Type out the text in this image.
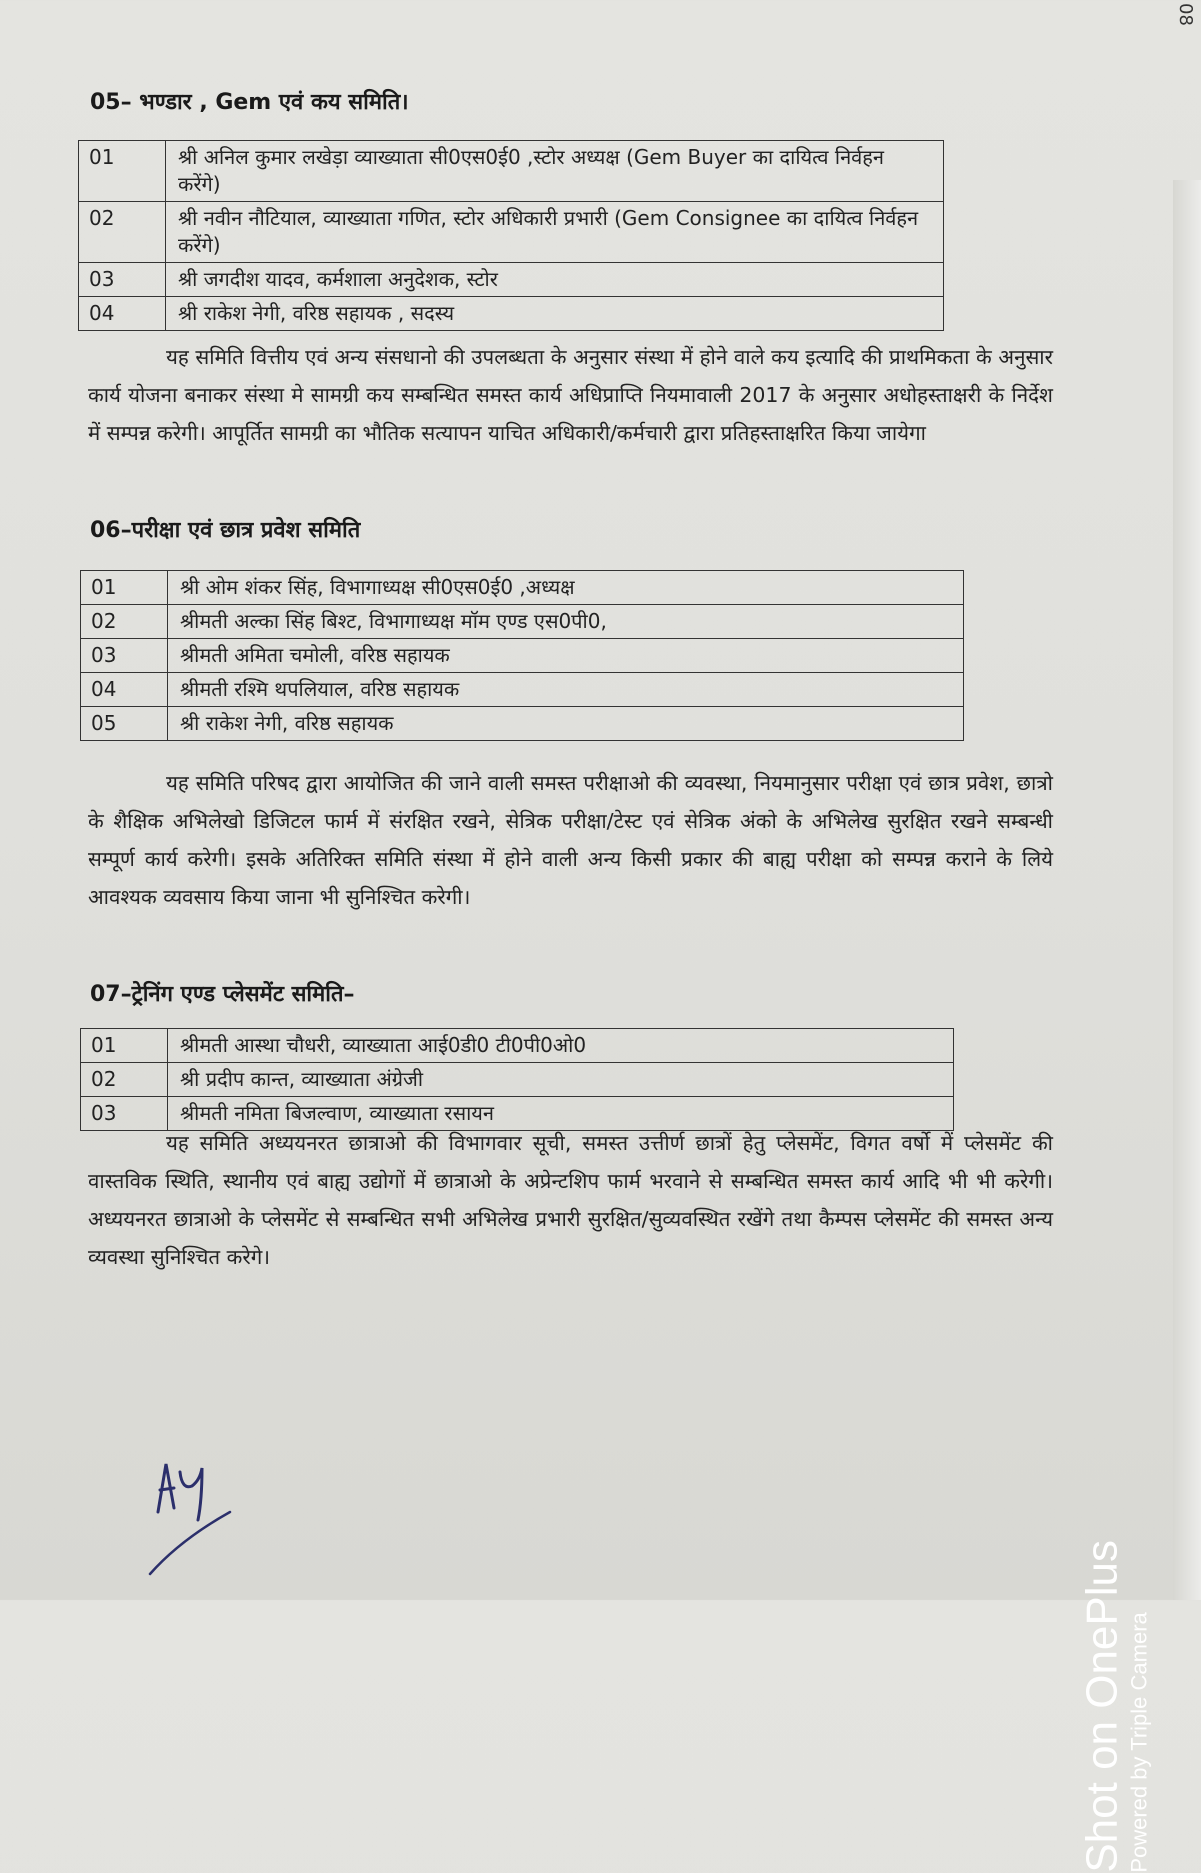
08
05– भण्डार , Gem एवं कय समिति।
01	श्री अनिल कुमार लखेड़ा व्याख्याता सी0एस0ई0 ,स्टोर अध्यक्ष (Gem Buyer का दायित्व निर्वहन करेंगे)
02	श्री नवीन नौटियाल, व्याख्याता गणित, स्टोर अधिकारी प्रभारी (Gem Consignee का दायित्व निर्वहन करेंगे)
03	श्री जगदीश यादव, कर्मशाला अनुदेशक, स्टोर
04	श्री राकेश नेगी, वरिष्ठ सहायक , सदस्य
यह समिति वित्तीय एवं अन्य संसधानो की उपलब्धता के अनुसार संस्था में होने वाले कय इत्यादि की प्राथमिकता के अनुसार कार्य योजना बनाकर संस्था मे सामग्री कय सम्बन्धित समस्त कार्य अधिप्राप्ति नियमावाली 2017 के अनुसार अधोहस्ताक्षरी के निर्देश में सम्पन्न करेगी। आपूर्तित सामग्री का भौतिक सत्यापन याचित अधिकारी/कर्मचारी द्वारा प्रतिहस्ताक्षरित किया जायेगा
06–परीक्षा एवं छात्र प्रवेश समिति
01	श्री ओम शंकर सिंह, विभागाध्यक्ष सी0एस0ई0 ,अध्यक्ष
02	श्रीमती अल्का सिंह बिश्ट, विभागाध्यक्ष मॉम एण्ड एस0पी0,
03	श्रीमती अमिता चमोली, वरिष्ठ सहायक
04	श्रीमती रश्मि थपलियाल, वरिष्ठ सहायक
05	श्री राकेश नेगी, वरिष्ठ सहायक
यह समिति परिषद द्वारा आयोजित की जाने वाली समस्त परीक्षाओ की व्यवस्था, नियमानुसार परीक्षा एवं छात्र प्रवेश, छात्रो के शैक्षिक अभिलेखो डिजिटल फार्म में संरक्षित रखने, सेत्रिक परीक्षा/टेस्ट एवं सेत्रिक अंको के अभिलेख सुरक्षित रखने सम्बन्धी सम्पूर्ण कार्य करेगी। इसके अतिरिक्त समिति संस्था में होने वाली अन्य किसी प्रकार की बाह्य परीक्षा को सम्पन्न कराने के लिये आवश्यक व्यवसाय किया जाना भी सुनिश्चित करेगी।
07–ट्रेनिंग एण्ड प्लेसमेंट समिति–
01	श्रीमती आस्था चौधरी, व्याख्याता आई0डी0 टी0पी0ओ0
02	श्री प्रदीप कान्त, व्याख्याता अंग्रेजी
03	श्रीमती नमिता बिजल्वाण, व्याख्याता रसायन
यह समिति अध्ययनरत छात्राओ की विभागवार सूची, समस्त उत्तीर्ण छात्रों हेतु प्लेसमेंट, विगत वर्षो में प्लेसमेंट की वास्तविक स्थिति, स्थानीय एवं बाह्य उद्योगों में छात्राओ के अप्रेन्टशिप फार्म भरवाने से सम्बन्धित समस्त कार्य आदि भी भी करेगी। अध्ययनरत छात्राओ के प्लेसमेंट से सम्बन्धित सभी अभिलेख प्रभारी सुरक्षित/सुव्यवस्थित रखेंगे तथा कैम्पस प्लेसमेंट की समस्त अन्य व्यवस्था सुनिश्चित करेगे।
Shot on OnePlus Powered by Triple Camera
